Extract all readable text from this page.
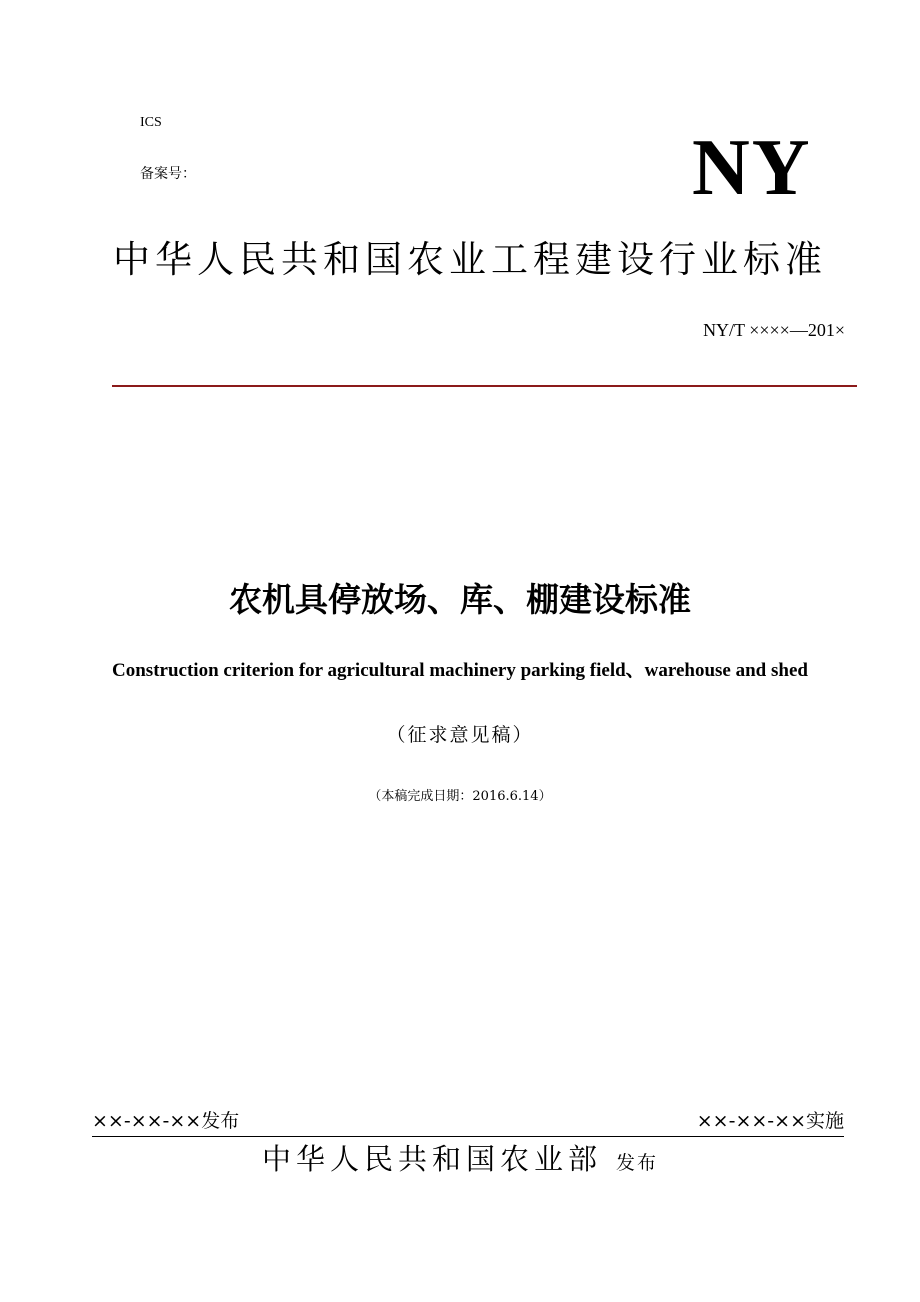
ICS
备案号：	NY
中华人民共和国农业工程建设行业标准
NY/T ××××—201×
农机具停放场、库、棚建设标准
Construction criterion for agricultural machinery parking field、warehouse and shed
（征求意见稿）
（本稿完成日期：2016.6.14）
××-××-××发布	××-××-××实施
中华人民共和国农业部 发布
